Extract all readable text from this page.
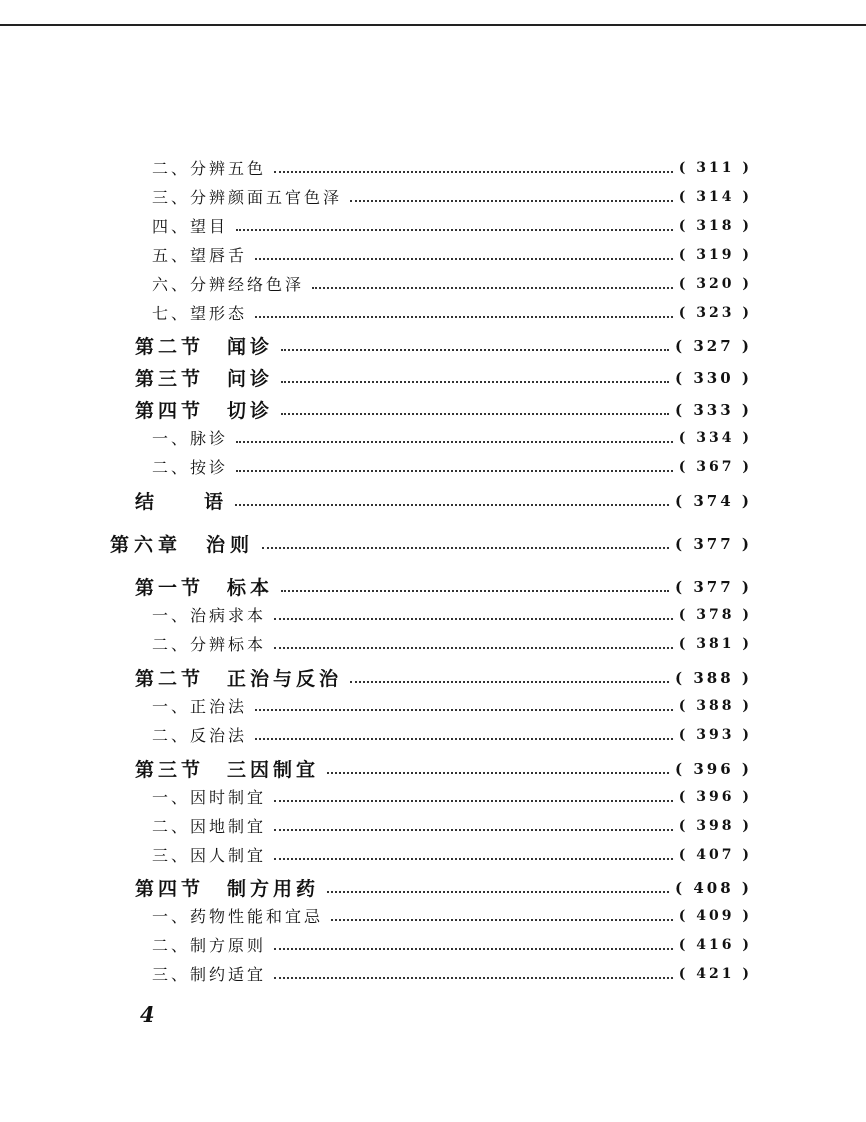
二、分辨五色	( 311 )
三、分辨颜面五官色泽	( 314 )
四、望目	( 318 )
五、望唇舌	( 319 )
六、分辨经络色泽	( 320 )
七、望形态	( 323 )
第二节　闻诊	( 327 )
第三节　问诊	( 330 )
第四节　切诊	( 333 )
一、脉诊	( 334 )
二、按诊	( 367 )
结　　语	( 374 )
第六章　治则	( 377 )
第一节　标本	( 377 )
一、治病求本	( 378 )
二、分辨标本	( 381 )
第二节　正治与反治	( 388 )
一、正治法	( 388 )
二、反治法	( 393 )
第三节　三因制宜	( 396 )
一、因时制宜	( 396 )
二、因地制宜	( 398 )
三、因人制宜	( 407 )
第四节　制方用药	( 408 )
一、药物性能和宜忌	( 409 )
二、制方原则	( 416 )
三、制约适宜	( 421 )
4
